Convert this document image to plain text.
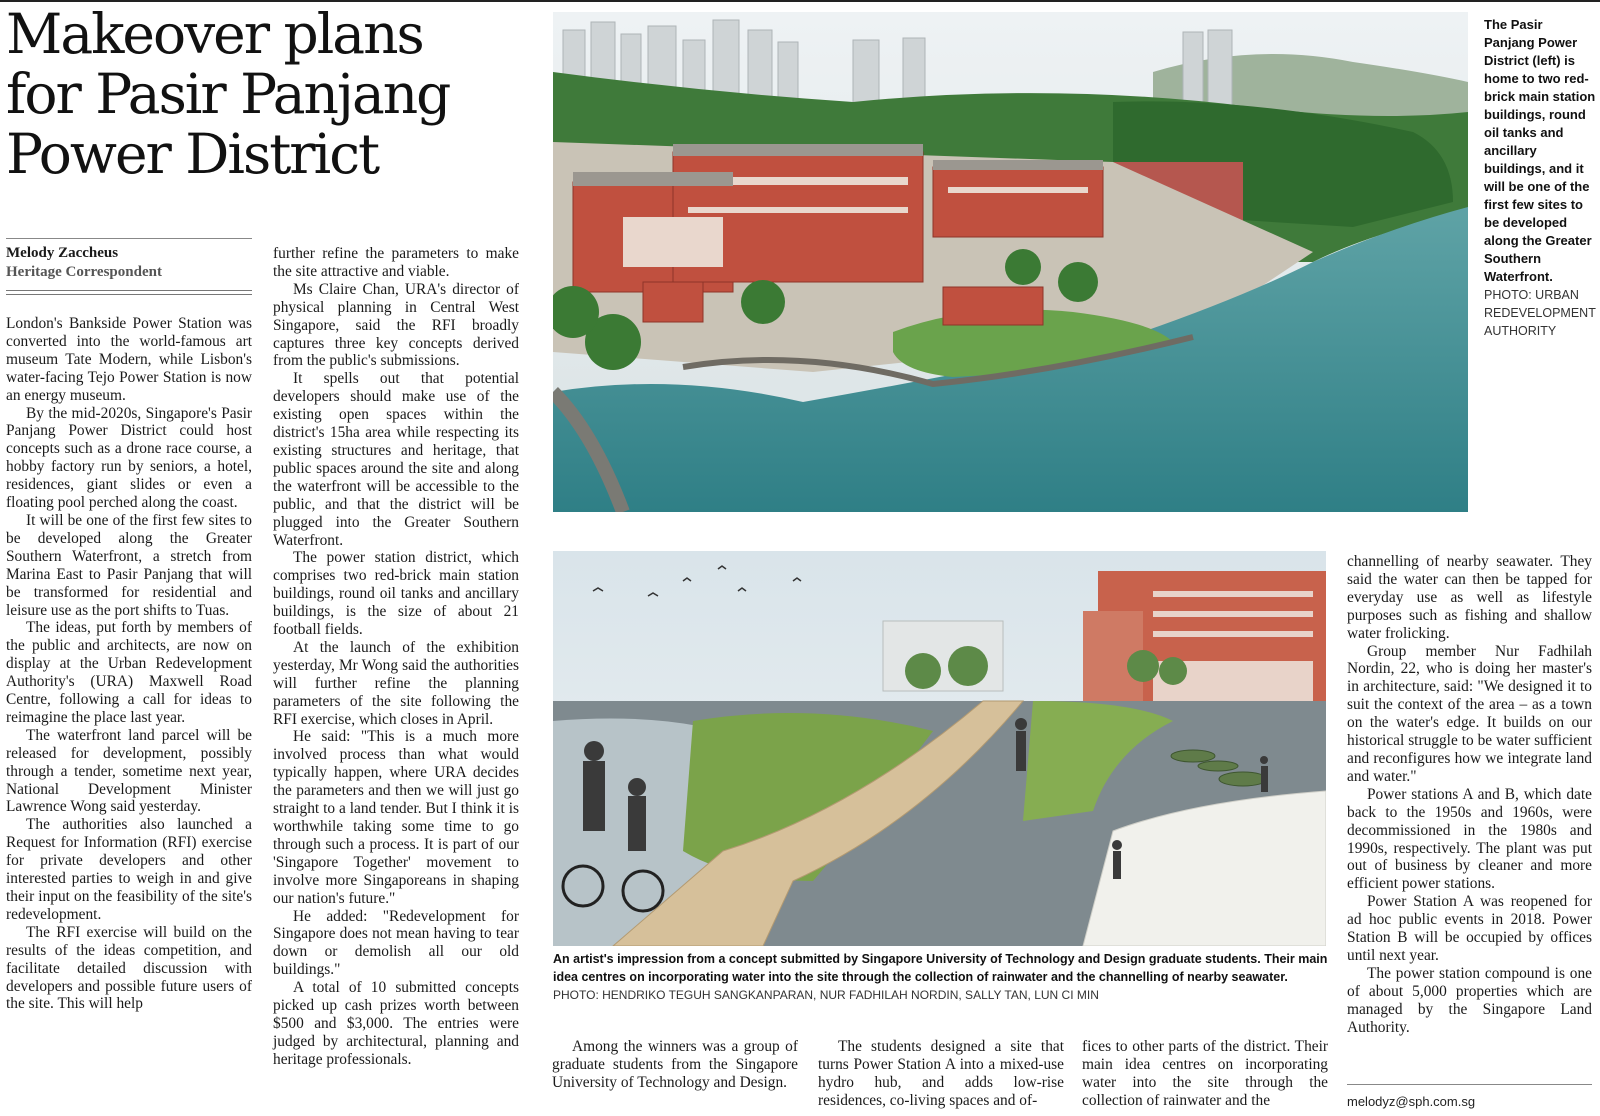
Makeover plans for Pasir Panjang Power District
Melody Zaccheus
Heritage Correspondent

London's Bankside Power Station was converted into the world-famous art museum Tate Modern, while Lisbon's water-facing Tejo Power Station is now an energy museum.

By the mid-2020s, Singapore's Pasir Panjang Power District could host concepts such as a drone race course, a hobby factory run by seniors, a hotel, residences, giant slides or even a floating pool perched along the coast.

It will be one of the first few sites to be developed along the Greater Southern Waterfront, a stretch from Marina East to Pasir Panjang that will be transformed for residential and leisure use as the port shifts to Tuas.

The ideas, put forth by members of the public and architects, are now on display at the Urban Redevelopment Authority's (URA) Maxwell Road Centre, following a call for ideas to reimagine the place last year.

The waterfront land parcel will be released for development, possibly through a tender, sometime next year, National Development Minister Lawrence Wong said yesterday.

The authorities also launched a Request for Information (RFI) exercise for private developers and other interested parties to weigh in and give their input on the feasibility of the site's redevelopment.

The RFI exercise will build on the results of the ideas competition, and facilitate detailed discussion with developers and possible future users of the site. This will help

further refine the parameters to make the site attractive and viable.

Ms Claire Chan, URA's director of physical planning in Central West Singapore, said the RFI broadly captures three key concepts derived from the public's submissions.

It spells out that potential developers should make use of the existing open spaces within the district's 15ha area while respecting its existing structures and heritage, that public spaces around the site and along the waterfront will be accessible to the public, and that the district will be plugged into the Greater Southern Waterfront.

The power station district, which comprises two red-brick main station buildings, round oil tanks and ancillary buildings, is the size of about 21 football fields.

At the launch of the exhibition yesterday, Mr Wong said the authorities will further refine the planning parameters of the site following the RFI exercise, which closes in April.

He said: "This is a much more involved process than what would typically happen, where URA decides the parameters and then we will just go straight to a land tender. But I think it is worthwhile taking some time to go through such a process. It is part of our 'Singapore Together' movement to involve more Singaporeans in shaping our nation's future."

He added: "Redevelopment for Singapore does not mean having to tear down or demolish all our old buildings."

A total of 10 submitted concepts picked up cash prizes worth between $500 and $3,000. The entries were judged by architectural, planning and heritage professionals.

The Pasir Panjang Power District (left) is home to two red-brick main station buildings, round oil tanks and ancillary buildings, and it will be one of the first few sites to be developed along the Greater Southern Waterfront.
PHOTO: URBAN REDEVELOPMENT AUTHORITY
An artist's impression from a concept submitted by Singapore University of Technology and Design graduate students. Their main idea centres on incorporating water into the site through the collection of rainwater and the channelling of nearby seawater. PHOTO: HENDRIKO TEGUH SANGKANPARAN, NUR FADHILAH NORDIN, SALLY TAN, LUN CI MIN

Among the winners was a group of graduate students from the Singapore University of Technology and Design.

The students designed a site that turns Power Station A into a mixed-use hydro hub, and adds low-rise residences, co-living spaces and of-

fices to other parts of the district. Their main idea centres on incorporating water into the site through the collection of rainwater and the

channelling of nearby seawater. They said the water can then be tapped for everyday use as well as lifestyle purposes such as fishing and shallow water frolicking.

Group member Nur Fadhilah Nordin, 22, who is doing her master's in architecture, said: "We designed it to suit the context of the area – as a town on the water's edge. It builds on our historical struggle to be water sufficient and reconfigures how we integrate land and water."

Power stations A and B, which date back to the 1950s and 1960s, were decommissioned in the 1980s and 1990s, respectively. The plant was put out of business by cleaner and more efficient power stations.

Power Station A was reopened for ad hoc public events in 2018. Power Station B will be occupied by offices until next year.

The power station compound is one of about 5,000 properties which are managed by the Singapore Land Authority.

melodyz@sph.com.sg
